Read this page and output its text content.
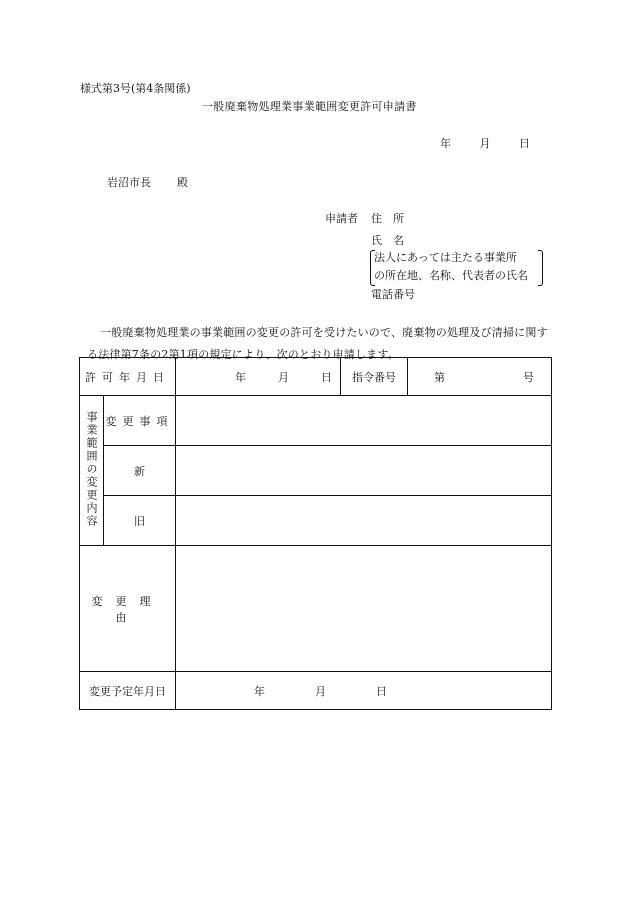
様式第3号(第4条関係)
一般廃棄物処理業事業範囲変更許可申請書
年	月	日
岩沼市長 殿
申請者 住　所
氏　名
法人にあっては主たる事業所
の所在地、名称、代表者の氏名
電話番号
一般廃棄物処理業の事業範囲の変更の許可を受けたいので、廃棄物の処理及び清掃に関する法律第7条の2第1項の規定により、次のとおり申請します。
許可年月日		年 月 日	指令番号	第 号
事業範囲の変更内容	変更事項			
	新			
	旧			
変更理由				
変更予定年月日		年 月 日		
